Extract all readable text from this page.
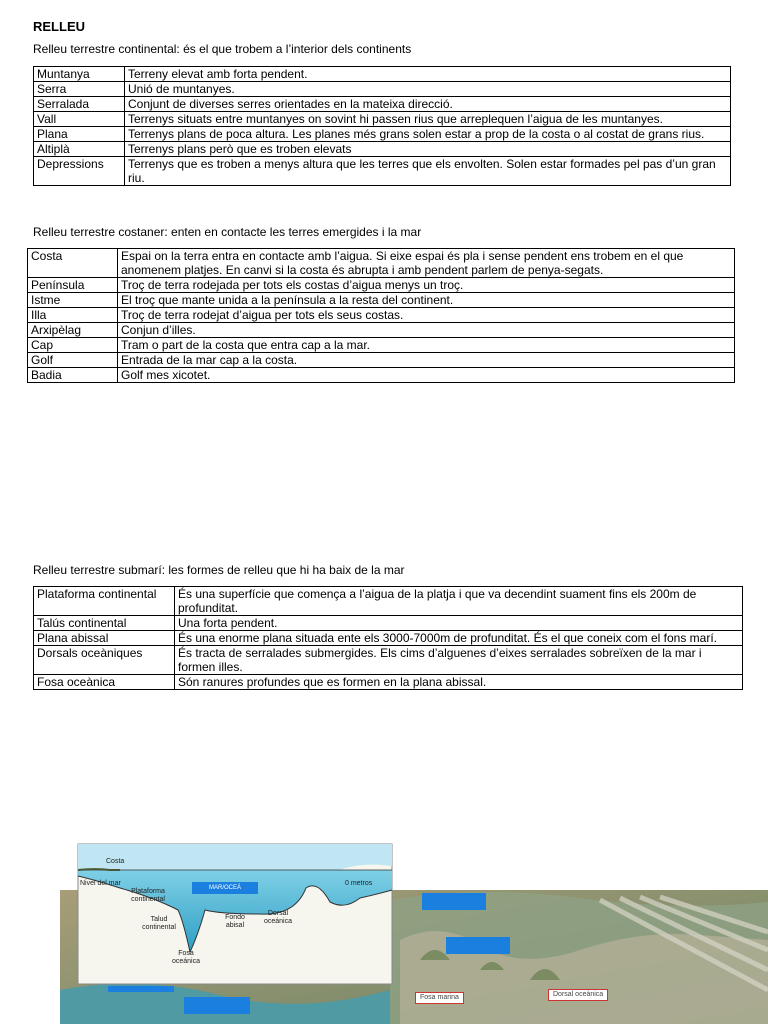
RELLEU
Relleu terrestre continental: és el que trobem a l’interior dels continents
Muntanya	Terreny elevat amb forta pendent.
Serra	Unió de muntanyes.
Serralada	Conjunt de diverses serres orientades en la mateixa direcció.
Vall	Terrenys situats entre muntanyes on sovint hi passen rius que arreplequen l’aigua de les muntanyes.
Plana	Terrenys plans de poca altura. Les planes més grans solen estar a prop de la costa o al costat de grans rius.
Altiplà	Terrenys plans però que es troben elevats
Depressions	Terrenys que es troben a menys altura que les terres que els envolten. Solen estar formades pel pas d’un gran riu.
Relleu terrestre costaner: enten en contacte les terres emergides i la mar
Costa	Espai on la terra entra en contacte amb l’aigua. Si eixe espai és pla i sense pendent ens trobem en el que anomenem platjes. En canvi si la costa és abrupta i amb pendent parlem de penya-segats.
Península	Troç de terra rodejada per tots els costas d’aigua menys un troç.
Istme	El troç que mante unida a la península a la resta del continent.
Illa	Troç de terra rodejat d’aigua per tots els seus costas.
Arxipèlag	Conjun d’illes.
Cap	Tram o part de la costa que entra cap a la mar.
Golf	Entrada de la mar cap a la costa.
Badia	Golf mes xicotet.
Relleu terrestre submarí: les formes de relleu que hi ha baix de la mar
Plataforma continental	És una superfície que comença a l’aigua de la platja i que va decendint suament fins els 200m de profunditat.
Talús continental	Una forta pendent.
Plana abissal	És una enorme plana situada ente els 3000-7000m de profunditat. És el que coneix com el fons marí.
Dorsals oceàniques	És tracta de serralades submergides. Els cims d’alguenes d’eixes serralades sobreïxen de la mar i formen illes.
Fosa oceànica	Són ranures profundes que es formen en la plana abissal.
Costa
Nivel del mar
Plataforma continental
MAR/OCEÁ
0 metros
Talud continental
Fondo abisal
Dorsal oceánica
Fosa oceánica
Fosa marina	Dorsal oceànica
